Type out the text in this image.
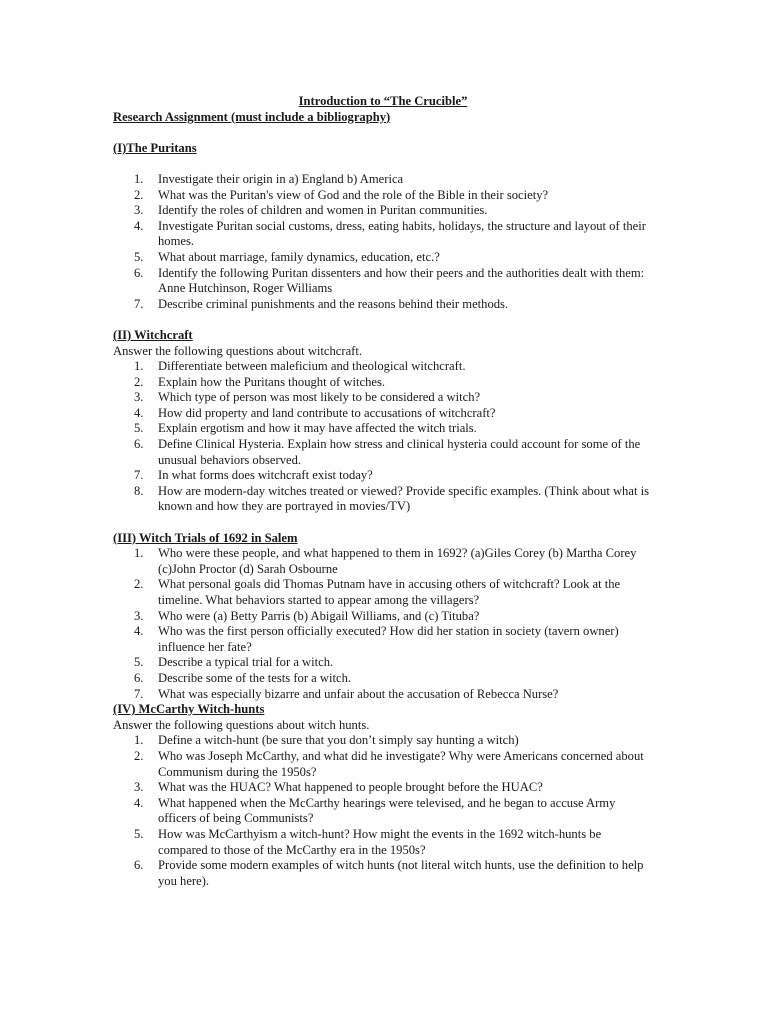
Introduction to “The Crucible”

Research Assignment (must include a bibliography)

(I)The Puritans

1. Investigate their origin in a) England b) America
2. What was the Puritan's view of God and the role of the Bible in their society?
3. Identify the roles of children and women in Puritan communities.
4. Investigate Puritan social customs, dress, eating habits, holidays, the structure and layout of their homes.
5. What about marriage, family dynamics, education, etc.?
6. Identify the following Puritan dissenters and how their peers and the authorities dealt with them: Anne Hutchinson, Roger Williams
7. Describe criminal punishments and the reasons behind their methods.

(II) Witchcraft

Answer the following questions about witchcraft.

1. Differentiate between maleficium and theological witchcraft.
2. Explain how the Puritans thought of witches.
3. Which type of person was most likely to be considered a witch?
4. How did property and land contribute to accusations of witchcraft?
5. Explain ergotism and how it may have affected the witch trials.
6. Define Clinical Hysteria. Explain how stress and clinical hysteria could account for some of the unusual behaviors observed.
7. In what forms does witchcraft exist today?
8. How are modern-day witches treated or viewed? Provide specific examples. (Think about what is known and how they are portrayed in movies/TV)

(III) Witch Trials of 1692 in Salem

1. Who were these people, and what happened to them in 1692? (a)Giles Corey (b) Martha Corey (c)John Proctor (d) Sarah Osbourne
2. What personal goals did Thomas Putnam have in accusing others of witchcraft? Look at the timeline. What behaviors started to appear among the villagers?
3. Who were (a) Betty Parris (b) Abigail Williams, and (c) Tituba?
4. Who was the first person officially executed? How did her station in society (tavern owner) influence her fate?
5. Describe a typical trial for a witch.
6. Describe some of the tests for a witch.
7. What was especially bizarre and unfair about the accusation of Rebecca Nurse?

(IV) McCarthy Witch-hunts

Answer the following questions about witch hunts.

1. Define a witch-hunt (be sure that you don’t simply say hunting a witch)
2. Who was Joseph McCarthy, and what did he investigate? Why were Americans concerned about Communism during the 1950s?
3. What was the HUAC? What happened to people brought before the HUAC?
4. What happened when the McCarthy hearings were televised, and he began to accuse Army officers of being Communists?
5. How was McCarthyism a witch-hunt? How might the events in the 1692 witch-hunts be compared to those of the McCarthy era in the 1950s?
6. Provide some modern examples of witch hunts (not literal witch hunts, use the definition to help you here).
